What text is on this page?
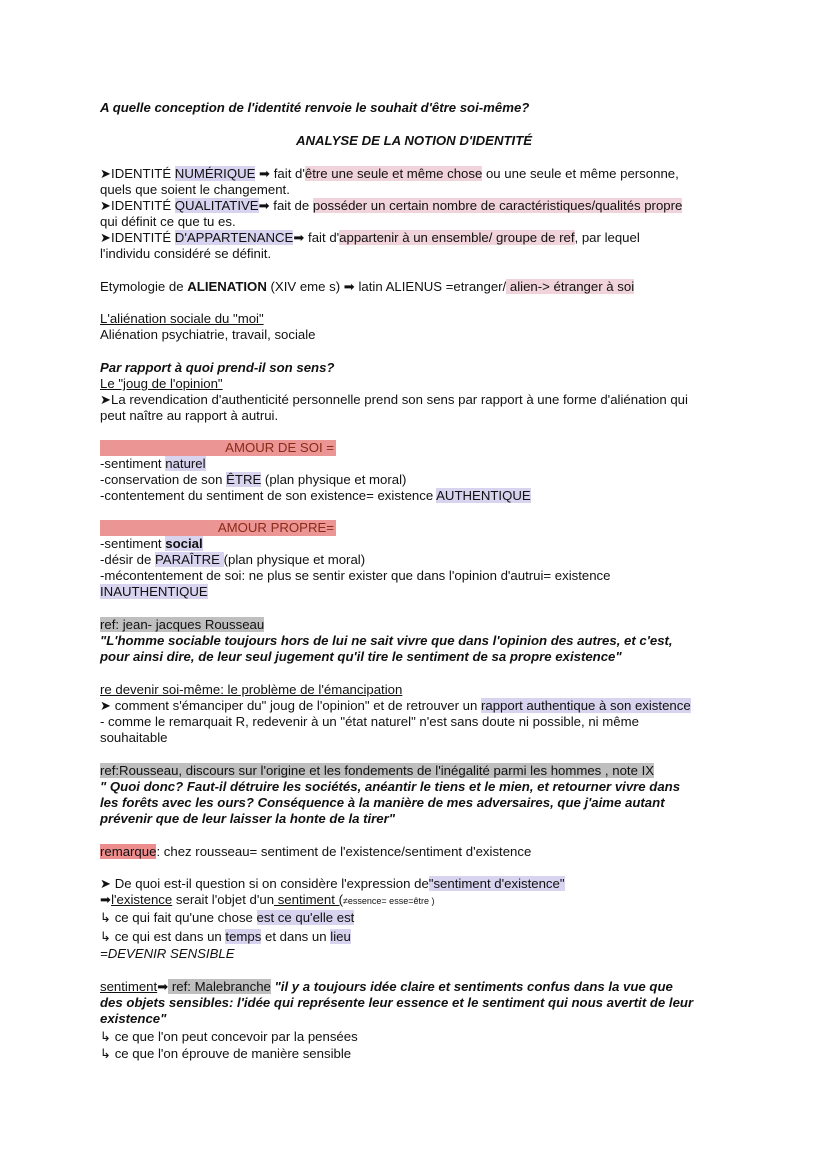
A quelle conception de l'identité renvoie le souhait d'être soi-même?
ANALYSE DE LA NOTION D'IDENTITÉ
➤IDENTITÉ NUMÉRIQUE ➡ fait d'être une seule et même chose ou une seule et même personne,
quels que soient le changement.
➤IDENTITÉ QUALITATIVE➡ fait de posséder un certain nombre de caractéristiques/qualités propre
qui définit ce que tu es.
➤IDENTITÉ D'APPARTENANCE➡ fait d'appartenir à un ensemble/ groupe de ref, par lequel
l'individu considéré se définit.
Etymologie de ALIENATION (XIV eme s) ➡ latin ALIENUS =etranger/ alien-> étranger à soi
L'aliénation sociale du "moi"
Aliénation psychiatrie, travail, sociale
Par rapport à quoi prend-il son sens?
Le "joug de l'opinion"
➤La revendication d'authenticité personnelle prend son sens par rapport à une forme d'aliénation qui
peut naître au rapport à autrui.
AMOUR DE SOI =
-sentiment naturel
-conservation de son ÊTRE (plan physique et moral)
-contentement du sentiment de son existence= existence AUTHENTIQUE
AMOUR PROPRE=
-sentiment social
-désir de PARAÎTRE (plan physique et moral)
-mécontentement de soi: ne plus se sentir exister que dans l'opinion d'autrui= existence
INAUTHENTIQUE
ref: jean- jacques Rousseau
"L'homme sociable toujours hors de lui ne sait vivre que dans l'opinion des autres, et c'est,
pour ainsi dire, de leur seul jugement qu'il tire le sentiment de sa propre existence"
re devenir soi-même: le problème de l'émancipation
➤ comment s'émanciper du" joug de l'opinion" et de retrouver un rapport authentique à son existence
- comme le remarquait R, redevenir à un "état naturel" n'est sans doute ni possible, ni même
souhaitable
ref:Rousseau, discours sur l'origine et les fondements de l'inégalité parmi les hommes , note IX
" Quoi donc? Faut-il détruire les sociétés, anéantir le tiens et le mien, et retourner vivre dans
les forêts avec les ours? Conséquence à la manière de mes adversaires, que j'aime autant
prévenir que de leur laisser la honte de la tirer"
remarque: chez rousseau= sentiment de l'existence/sentiment d'existence
➤ De quoi est-il question si on considère l'expression de"sentiment d'existence"
➡l'existence serait l'objet d'un sentiment (≠essence= esse=être )
↳ ce qui fait qu'une chose est ce qu'elle est
↳ ce qui est dans un temps et dans un lieu
=DEVENIR SENSIBLE
sentiment➡ ref: Malebranche "il y a toujours idée claire et sentiments confus dans la vue que
des objets sensibles: l'idée qui représente leur essence et le sentiment qui nous avertit de leur
existence"
↳ ce que l'on peut concevoir par la pensées
↳ ce que l'on éprouve de manière sensible
